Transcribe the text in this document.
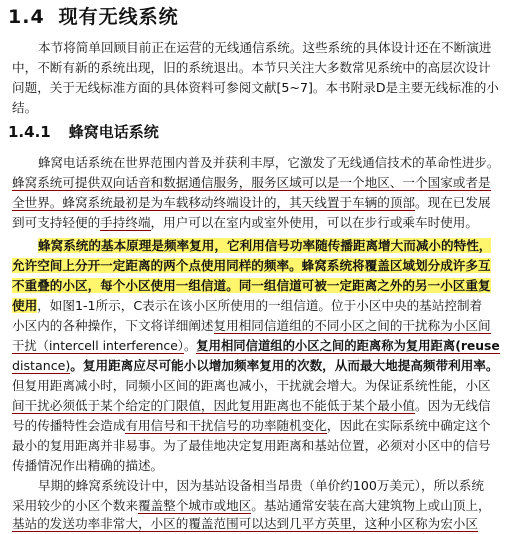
1.4 现有无线系统
本节将简单回顾目前正在运营的无线通信系统。这些系统的具体设计还在不断演进
中，不断有新的系统出现，旧的系统退出。本节只关注大多数常见系统中的高层次设计
问题，关于无线标准方面的具体资料可参阅文献[5~7]。本书附录D是主要无线标准的小
结。
1.4.1 蜂窝电话系统
蜂窝电话系统在世界范围内普及并获利丰厚，它激发了无线通信技术的革命性进步。
蜂窝系统可提供双向话音和数据通信服务，服务区域可以是一个地区、一个国家或者是
全世界。蜂窝系统最初是为车载移动终端设计的，其天线置于车辆的顶部。现在已发展
到可支持轻便的手持终端，用户可以在室内或室外使用，可以在步行或乘车时使用。
蜂窝系统的基本原理是频率复用，它利用信号功率随传播距离增大而减小的特性，
允许空间上分开一定距离的两个点使用同样的频率。蜂窝系统将覆盖区域划分成许多互
不重叠的小区，每个小区使用一组信道。同一组信道可被一定距离之外的另一小区重复
使用，如图1-1所示，C表示在该小区所使用的一组信道。位于小区中央的基站控制着
小区内的各种操作，下文将详细阐述复用相同信道组的不同小区之间的干扰称为小区间
干扰（intercell interference）。复用相同信道组的小区之间的距离称为复用距离(reuse
distance)。复用距离应尽可能小以增加频率复用的次数，从而最大地提高频带利用率。
但复用距离减小时，同频小区间的距离也减小，干扰就会增大。为保证系统性能，小区
间干扰必须低于某个给定的门限值，因此复用距离也不能低于某个最小值。因为无线信
号的传播特性会造成有用信号和干扰信号的功率随机变化，因此在实际系统中确定这个
最小的复用距离并非易事。为了最佳地决定复用距离和基站位置，必须对小区中的信号
传播情况作出精确的描述。
早期的蜂窝系统设计中，因为基站设备相当昂贵（单价约100万美元），所以系统
采用较少的小区个数来覆盖整个城市或地区。基站通常安装在高大建筑物上或山顶上，
基站的发送功率非常大，小区的覆盖范围可以达到几平方英里，这种小区称为宏小区
